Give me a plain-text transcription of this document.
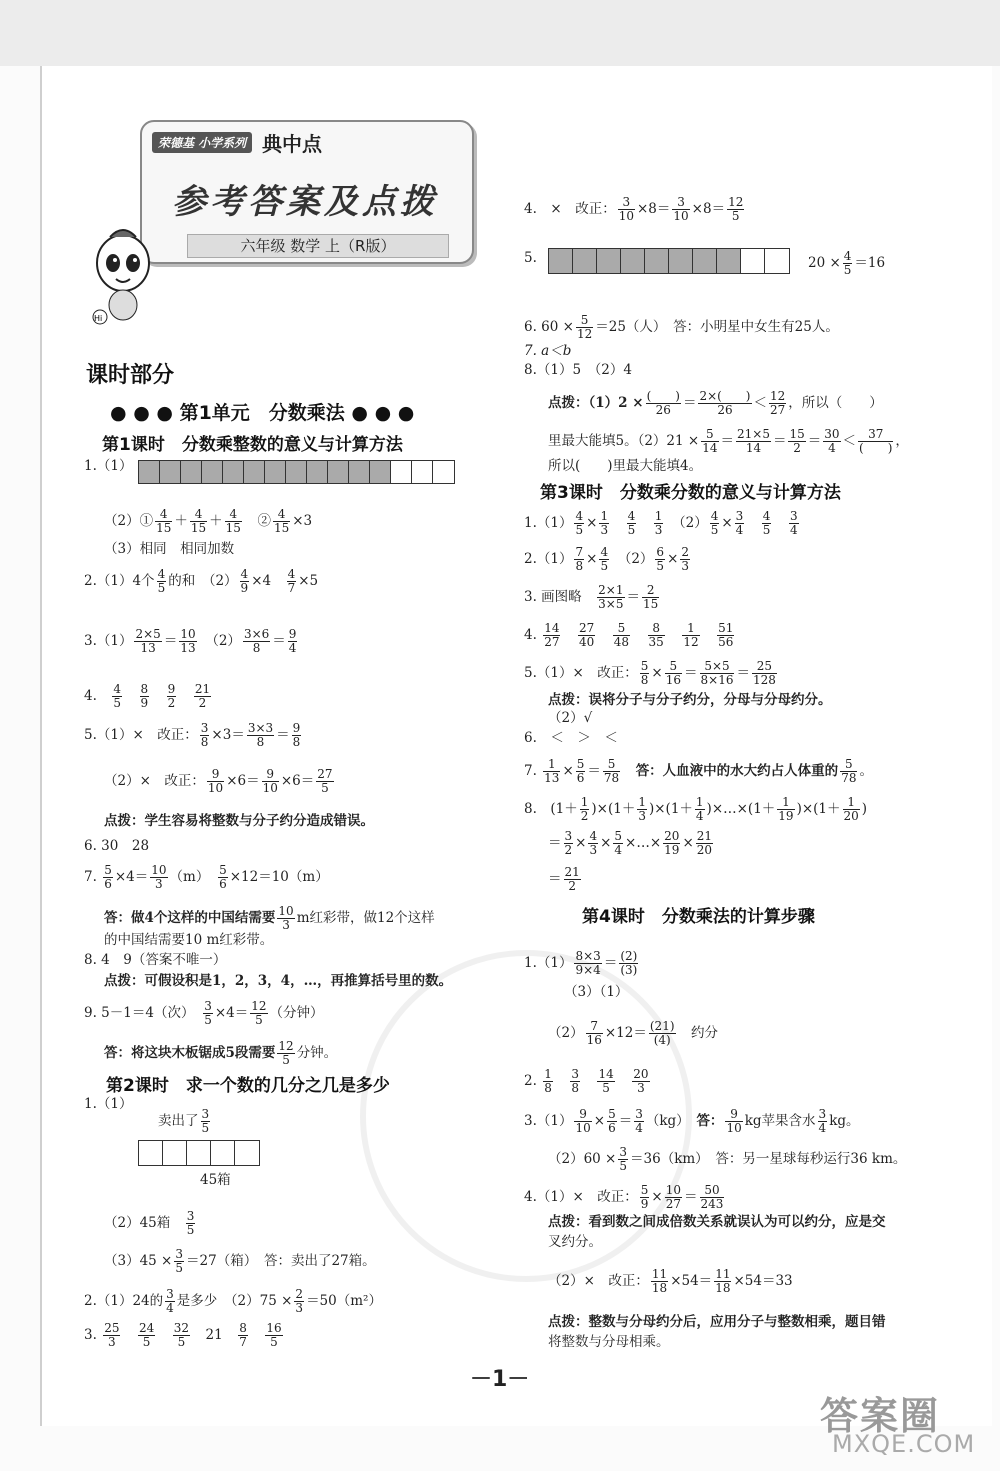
荣德基 小学系列 典中点
参考答案及点拨
六年级 数学 上（R版）
Hi
课时部分
● ● ● 第1单元　分数乘法 ● ● ●
第1课时　分数乘整数的意义与计算方法
1.（1）
（2）① $\frac{4}{15} + \frac{4}{15} + \frac{4}{15}$
　 ② $\frac{4}{15} \times 3$
（3）相同　相同加数
2.（1）4个 $\frac{4}{5}$ 的和　$(2) \frac{4}{9} \times 4$　 $\frac{4}{7} \times 5$
$3.(1) \frac{2\times 5}{13} = \frac{10}{13}$
　 $(2) \frac{3\times 6}{8} = \frac{9}{4}$
4.　 $\frac{4}{5}$
　 $\frac{8}{9}$
　 $\frac{9}{2}$
　 $\frac{21}{2}$
5.（1）×　改正： $\frac{3}{8} \times 3= \frac{3\times 3}{8} = \frac{9}{8}$
（2）×　改正： $\frac{9}{10} \times 6= \frac{9}{10} \times 6= \frac{27}{5}$
点拨：学生容易将整数与分子约分造成错误。
6. 30　28
7. $\frac{5}{6} \times 4= \frac{10}{3} (m)$　 $\frac{5}{6} \times 12=10(m)$
答：做4个这样的中国结需要 $\frac{10}{3}$ m红彩带，做12个这样
的中国结需要10 m红彩带。
8. 4　9（答案不唯一）
点拨：可假设积是1，2，3，4，…，再推算括号里的数。
9. 5－1＝4（次）　 $\frac{3}{5} \times 4= \frac{12}{5}$ （分钟）
答：将这块木板锯成5段需要 $\frac{12}{5}$ 分钟。
第2课时　求一个数的几分之几是多少
1.（1）
卖出了 $\frac{3}{5}$
45箱
（2）45箱　 $\frac{3}{5}$
$(3)45 \times \frac{3}{5} =27$（箱）　答：卖出了27箱。
2.（1）24的 $\frac{3}{4}$ 是多少　$(2)75 \times \frac{2}{3} =50(m^2)$
3. $\frac{25}{3}$
　 $\frac{24}{5}$
　 $\frac{32}{5}$ 　21　 $\frac{8}{7}$
　 $\frac{16}{5}$
4.　×　改正： $\frac{3}{10} \times 8= \frac{3}{10} \times 8= \frac{12}{5}$
5.	$20 \times \frac{4}{5} =16$
6. $60 \times \frac{5}{12} =25$（人）　答：小明星中女生有25人。
7. a＜b
8.（1）5　（2）4
点拨：$(1)2 \times \frac{( )}{26} = \frac{2\times( )}{26} < \frac{12}{27}$ ，所以（　　）
里最大能填5。$(2)21 \times \frac{5}{14} = \frac{21\times 5}{14} = \frac{15}{2} = \frac{30}{4} < \frac{37}{( )}$ ，
所以(　　)里最大能填4。
第3课时　分数乘分数的意义与计算方法
$1.(1) \frac{4}{5} \times \frac{1}{3}$
　 $\frac{4}{5}$
　 $\frac{1}{3}$ 　$(2) \frac{4}{5} \times \frac{3}{4}$
　 $\frac{4}{5}$
　 $\frac{3}{4}$
$2.(1) \frac{7}{8} \times \frac{4}{5}$ 　$(2) \frac{6}{5} \times \frac{2}{3}$
3. 画图略　 $\frac{2\times 1}{3\times 5} = \frac{2}{15}$
4. $\frac{14}{27}$
　 $\frac{27}{40}$
　 $\frac{5}{48}$
　 $\frac{8}{35}$
　 $\frac{1}{12}$
　 $\frac{51}{56}$
5.（1）×　改正： $\frac{5}{8} \times \frac{5}{16} = \frac{5\times 5}{8\times 16} = \frac{25}{128}$
点拨：误将分子与分子约分，分母与分母约分。
（2）√
6.　＜　＞　＜
7. $\frac{1}{13} \times \frac{5}{6} = \frac{5}{78}$
　 答：人血液中的水大约占人体重的 $\frac{5}{78}$ 。
8.　$(1+ \frac{1}{2} )\times(1+ \frac{1}{3} )\times(1+ \frac{1}{4}$ )×…×(1＋ $\frac{1}{19} )\times(1+ \frac{1}{20}$ )
＝ $\frac{3}{2} \times \frac{4}{3} \times \frac{5}{4}$ ×…× $\frac{20}{19} \times \frac{21}{20}$
＝ $\frac{21}{2}$
第4课时　分数乘法的计算步骤
$1.(1) \frac{8\times 3}{9\times 4} = \frac{(2)}{(3)}$
（3）（1）
$(2) \frac{7}{16} \times 12= \frac{(21)}{(4)}$
　 约分
2. $\frac{1}{8}$
　 $\frac{3}{8}$
　 $\frac{14}{5}$
　 $\frac{20}{3}$
$3.(1) \frac{9}{10} \times \frac{5}{6} = \frac{3}{4} (kg)$　答： $\frac{9}{10}$ kg苹果含水 $\frac{3}{4}$ kg。
$(2)60 \times \frac{3}{5} =36(km)$　答：另一星球每秒运行36 km。
4.（1）×　改正： $\frac{5}{9} \times \frac{10}{27} = \frac{50}{243}$
点拨：看到数之间成倍数关系就误认为可以约分，应是交
叉约分。
（2）×　改正： $\frac{11}{18} \times 54= \frac{11}{18} \times 54=33$
点拨：整数与分母约分后，应用分子与整数相乘，题目错
将整数与分母相乘。
－1－
答案圈
MXQE.COM
